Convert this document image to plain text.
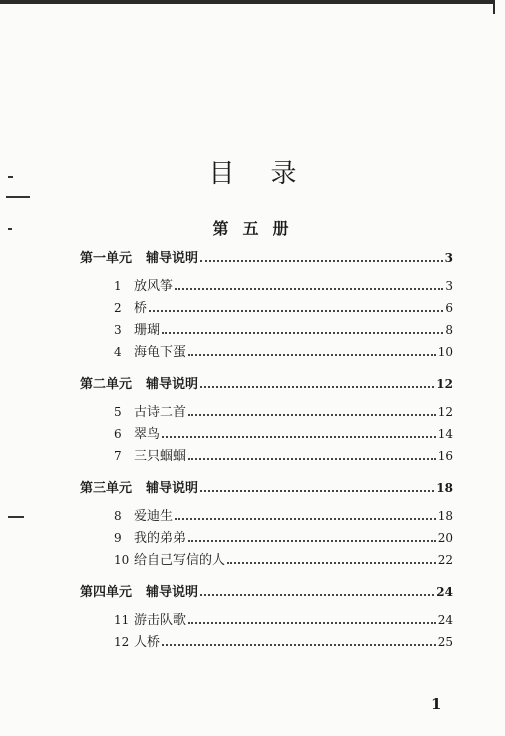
目录
第五册
第一单元 辅导说明	3
1 放风筝	3
2 桥	6
3 珊瑚	8
4 海龟下蛋	10
第二单元 辅导说明	12
5 古诗二首	12
6 翠鸟	14
7 三只蝈蝈	16
第三单元 辅导说明	18
8 爱迪生	18
9 我的弟弟	20
10 给自己写信的人	22
第四单元 辅导说明	24
11 游击队歌	24
12 人桥	25
1
